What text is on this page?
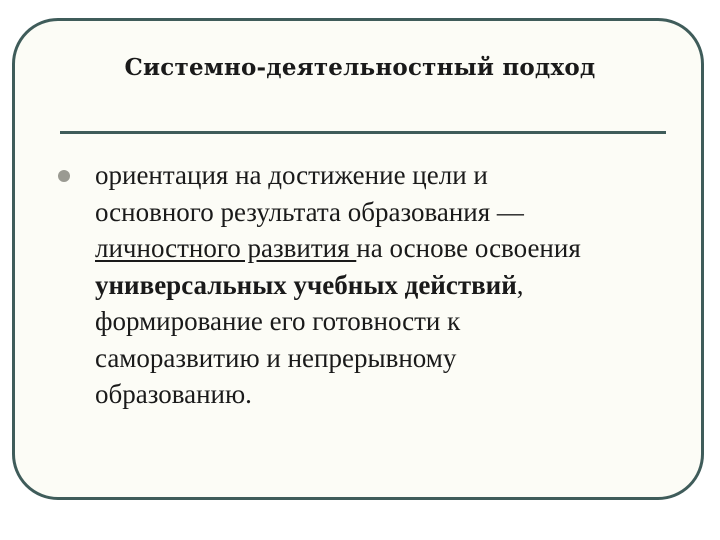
Системно-деятельностный подход
ориентация на достижение цели и
основного результата образования —
личностного развития на основе освоения
универсальных учебных действий,
формирование его готовности к
саморазвитию и непрерывному
образованию.
